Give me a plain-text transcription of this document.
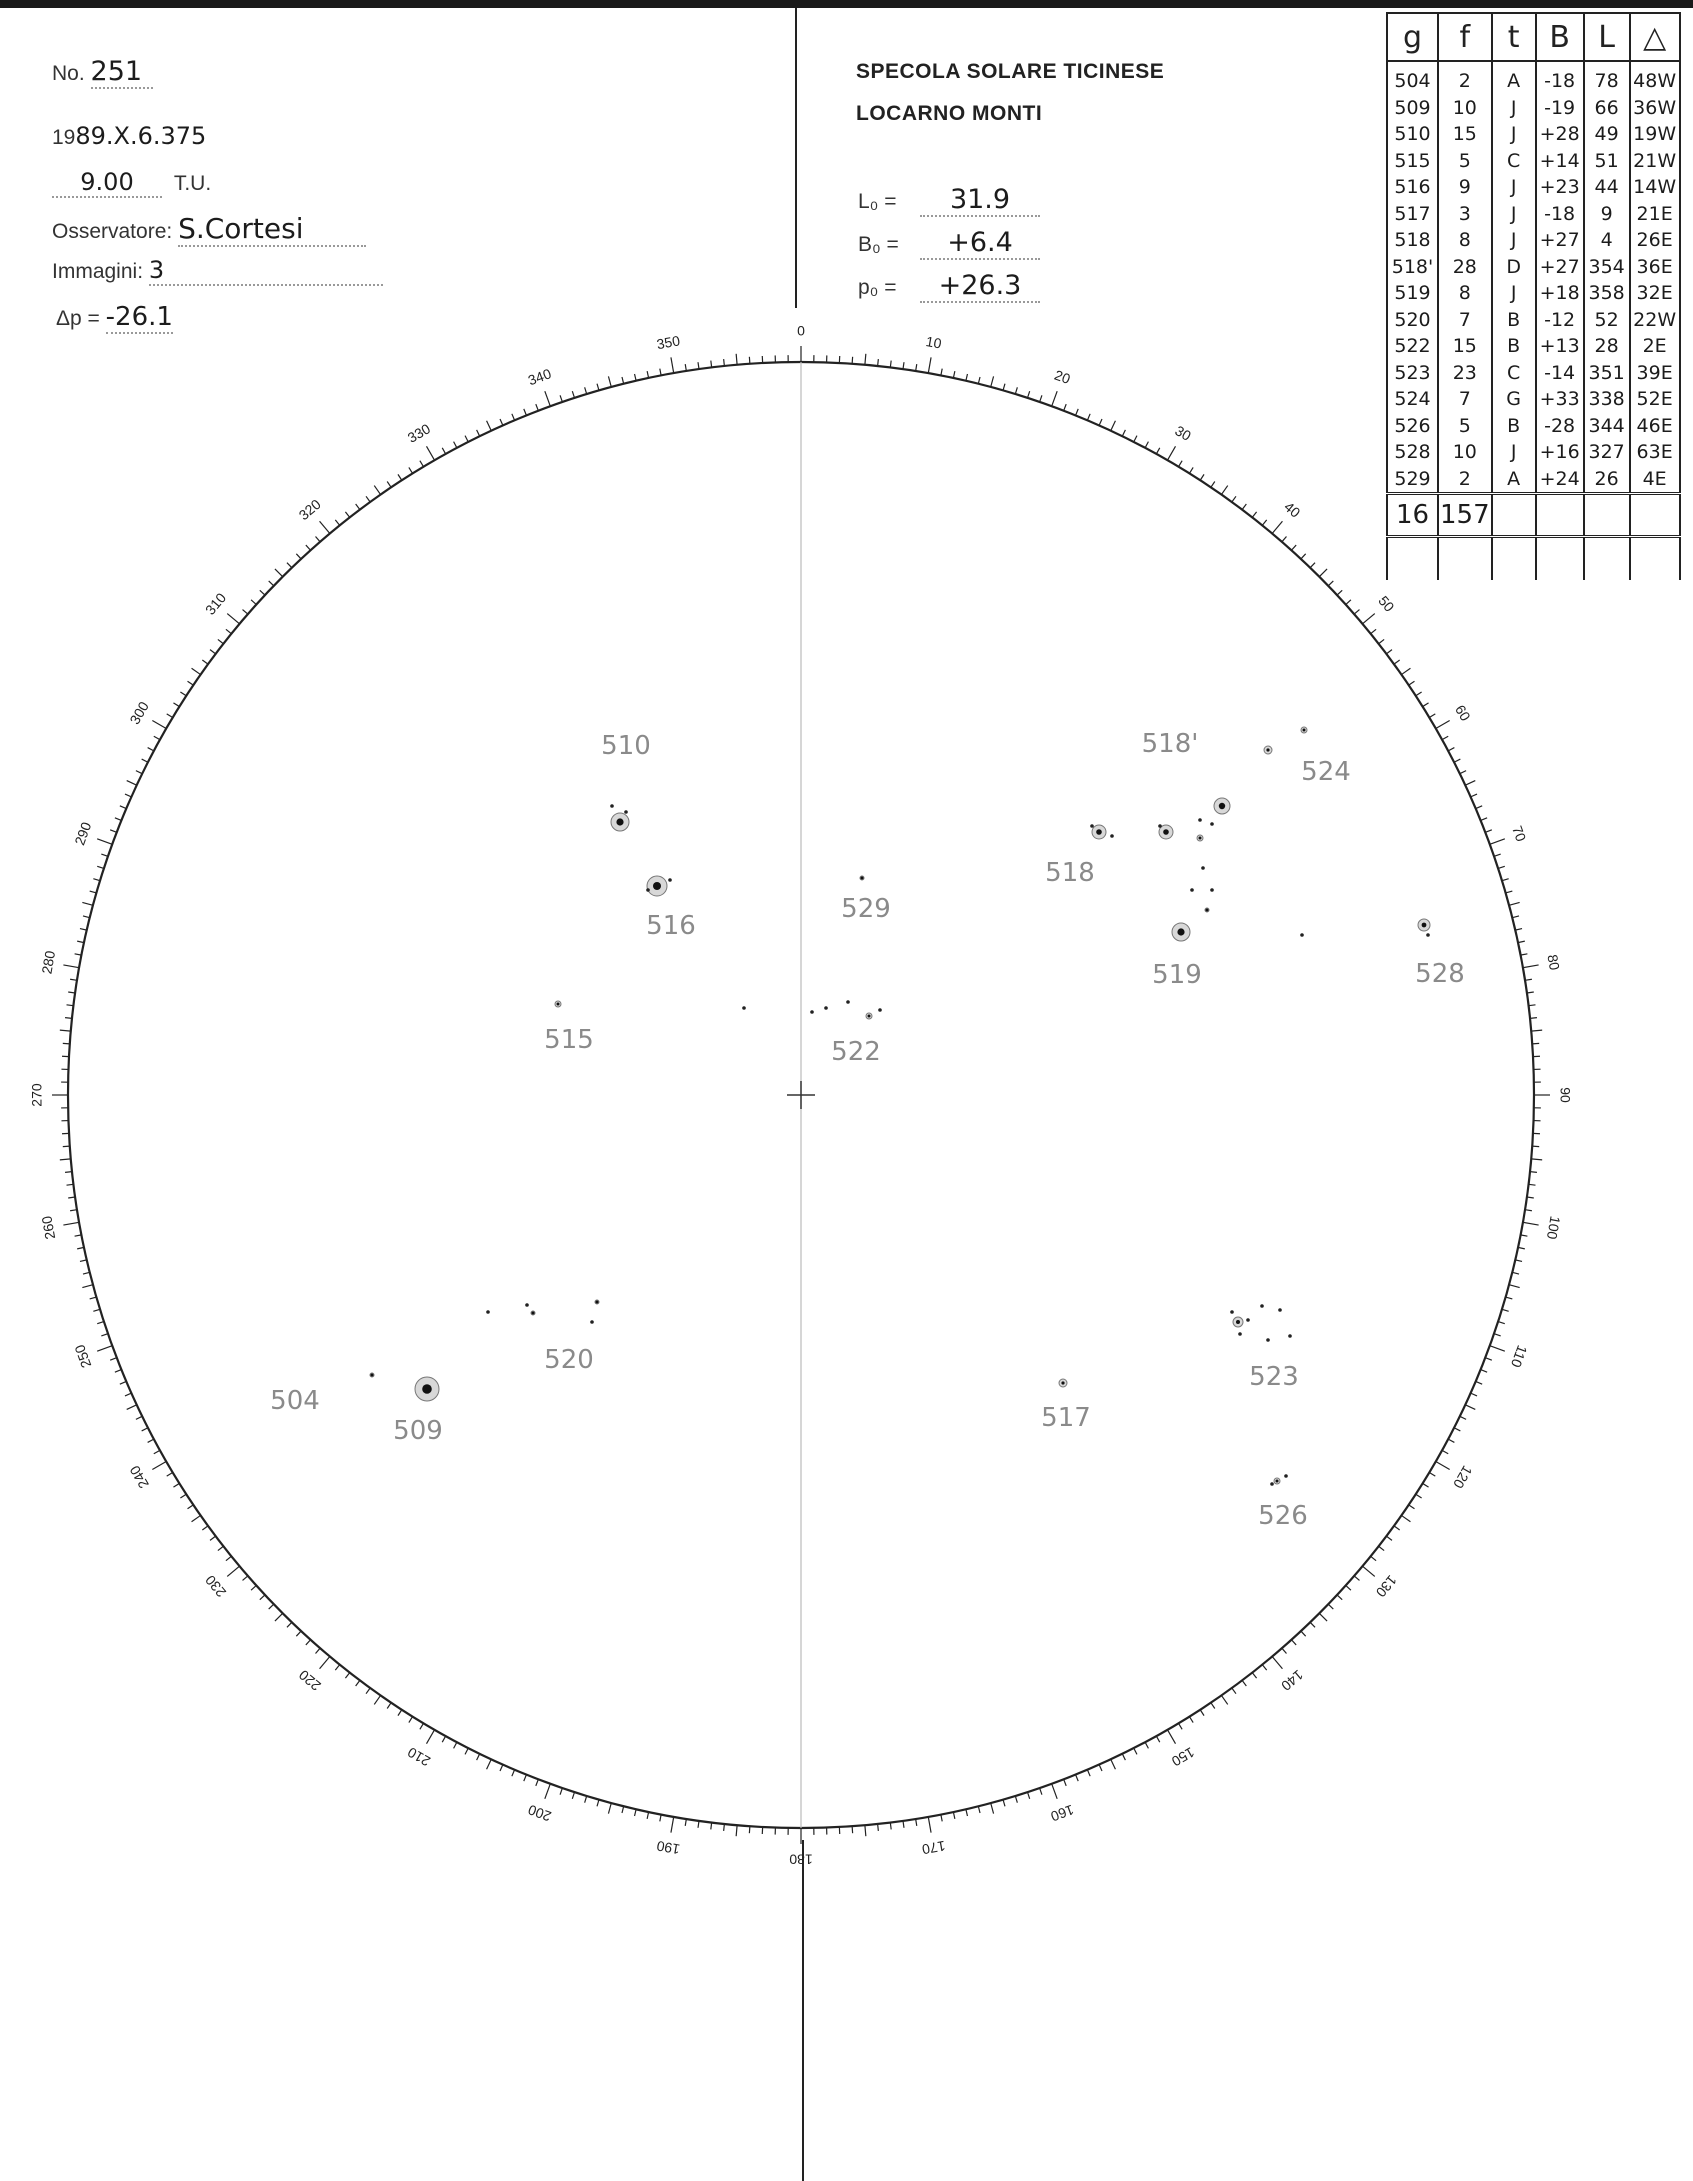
No. 251
1989.X.6.375
9.00 T.U.
Osservatore: S.Cortesi
Immagini: 3
Δp = -26.1
SPECOLA SOLARE TICINESE
LOCARNO MONTI
L₀ =	31.9
B₀ =	+6.4
p₀ =	+26.3
g	f	t	B	L	△
504	2	A	-18	78	48W
509	10	J	-19	66	36W
510	15	J	+28	49	19W
515	5	C	+14	51	21W
516	9	J	+23	44	14W
517	3	J	-18	9	21E
518	8	J	+27	4	26E
518'	28	D	+27	354	36E
519	8	J	+18	358	32E
520	7	B	-12	52	22W
522	15	B	+13	28	2E
523	23	C	-14	351	39E
524	7	G	+33	338	52E
526	5	B	-28	344	46E
528	10	J	+16	327	63E
529	2	A	+24	26	4E
16	157				

0
10
20
30
40
50
60
70
80
90
100
110
120
130
140
150
160
170
180
190
200
210
220
230
240
250
260
270
280
290
300
310
320
330
340
350
504
509
510
515
516
517
518
518'
519
520
522
523
524
526
528
529
